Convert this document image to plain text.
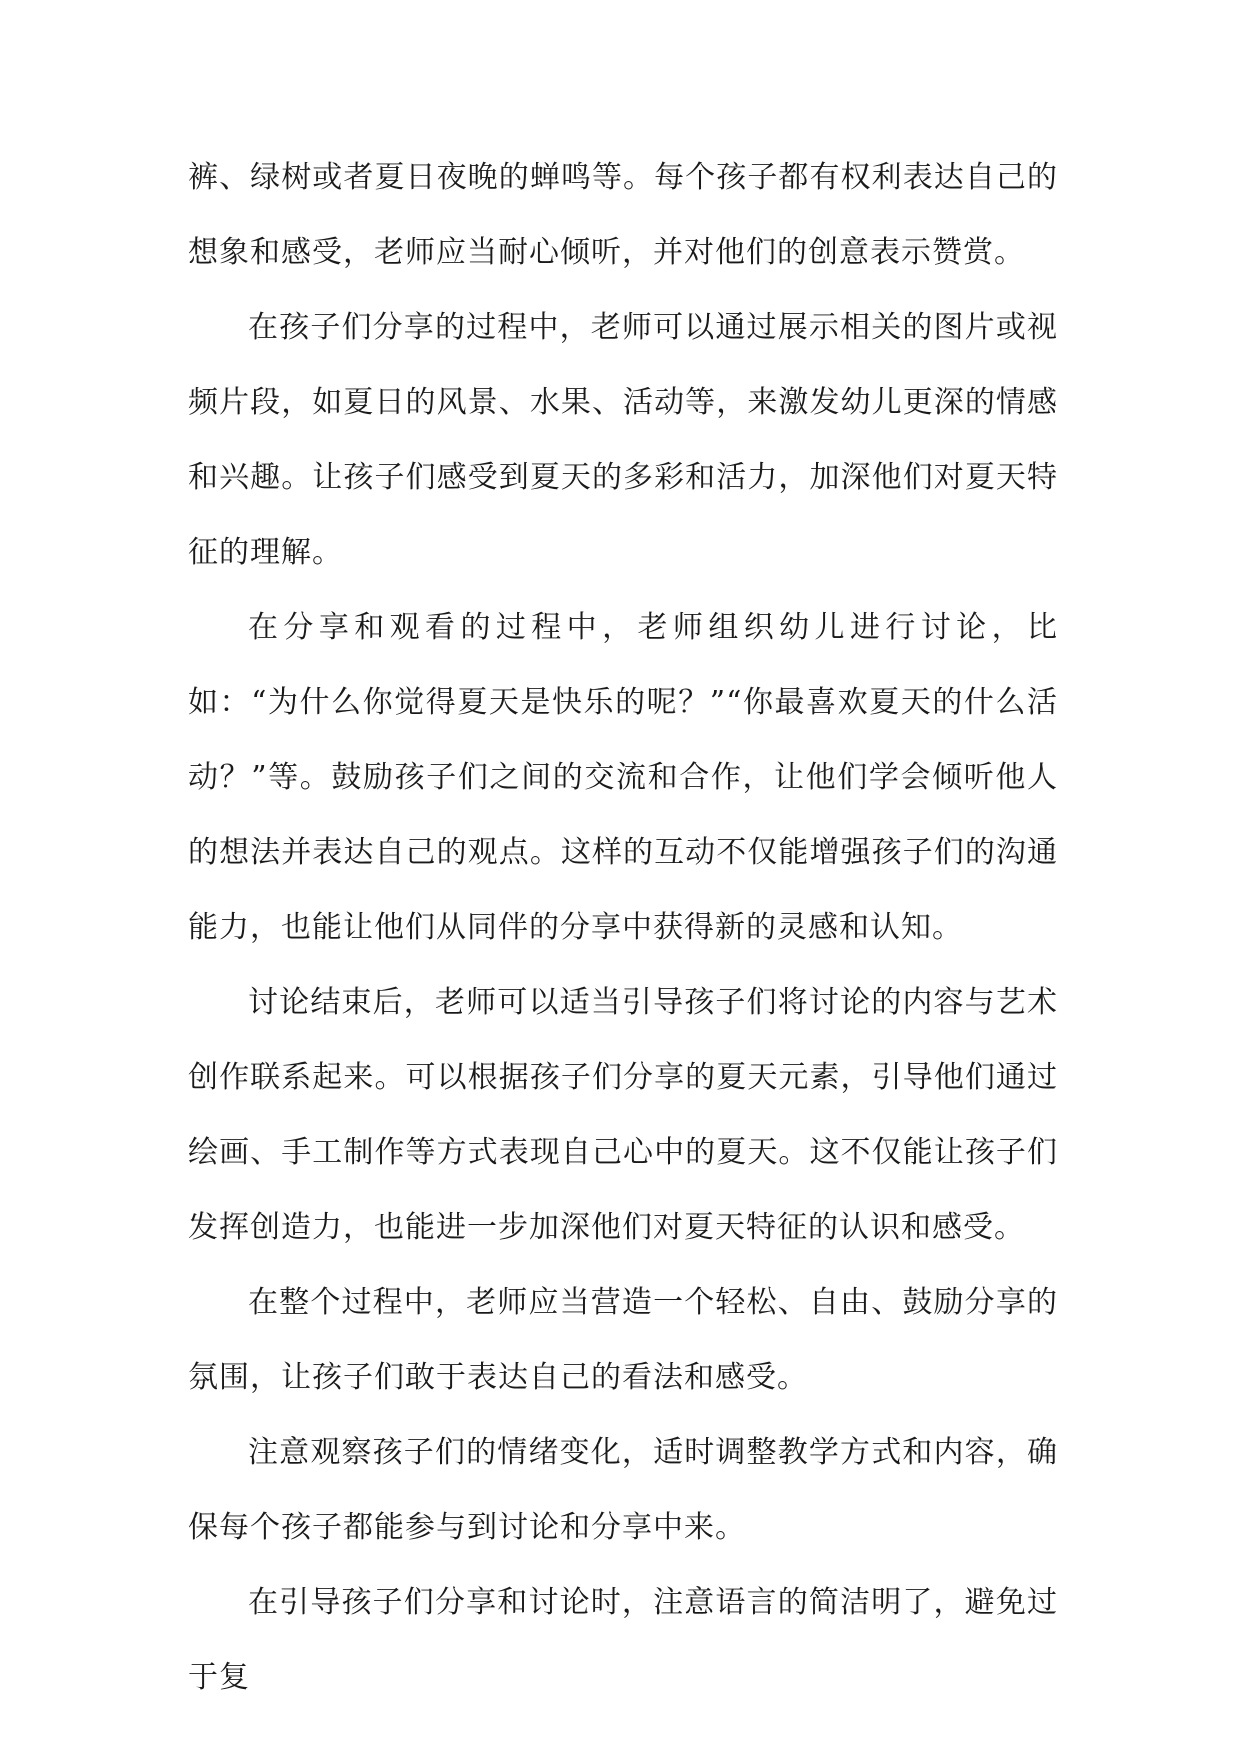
裤、绿树或者夏日夜晚的蝉鸣等。每个孩子都有权利表达自己的想象和感受，老师应当耐心倾听，并对他们的创意表示赞赏。

在孩子们分享的过程中，老师可以通过展示相关的图片或视频片段，如夏日的风景、水果、活动等，来激发幼儿更深的情感和兴趣。让孩子们感受到夏天的多彩和活力，加深他们对夏天特征的理解。

在分享和观看的过程中，老师组织幼儿进行讨论，比如：“为什么你觉得夏天是快乐的呢？”“你最喜欢夏天的什么活动？”等。鼓励孩子们之间的交流和合作，让他们学会倾听他人的想法并表达自己的观点。这样的互动不仅能增强孩子们的沟通能力，也能让他们从同伴的分享中获得新的灵感和认知。

讨论结束后，老师可以适当引导孩子们将讨论的内容与艺术创作联系起来。可以根据孩子们分享的夏天元素，引导他们通过绘画、手工制作等方式表现自己心中的夏天。这不仅能让孩子们发挥创造力，也能进一步加深他们对夏天特征的认识和感受。

在整个过程中，老师应当营造一个轻松、自由、鼓励分享的氛围，让孩子们敢于表达自己的看法和感受。

注意观察孩子们的情绪变化，适时调整教学方式和内容，确保每个孩子都能参与到讨论和分享中来。

在引导孩子们分享和讨论时，注意语言的简洁明了，避免过于复
